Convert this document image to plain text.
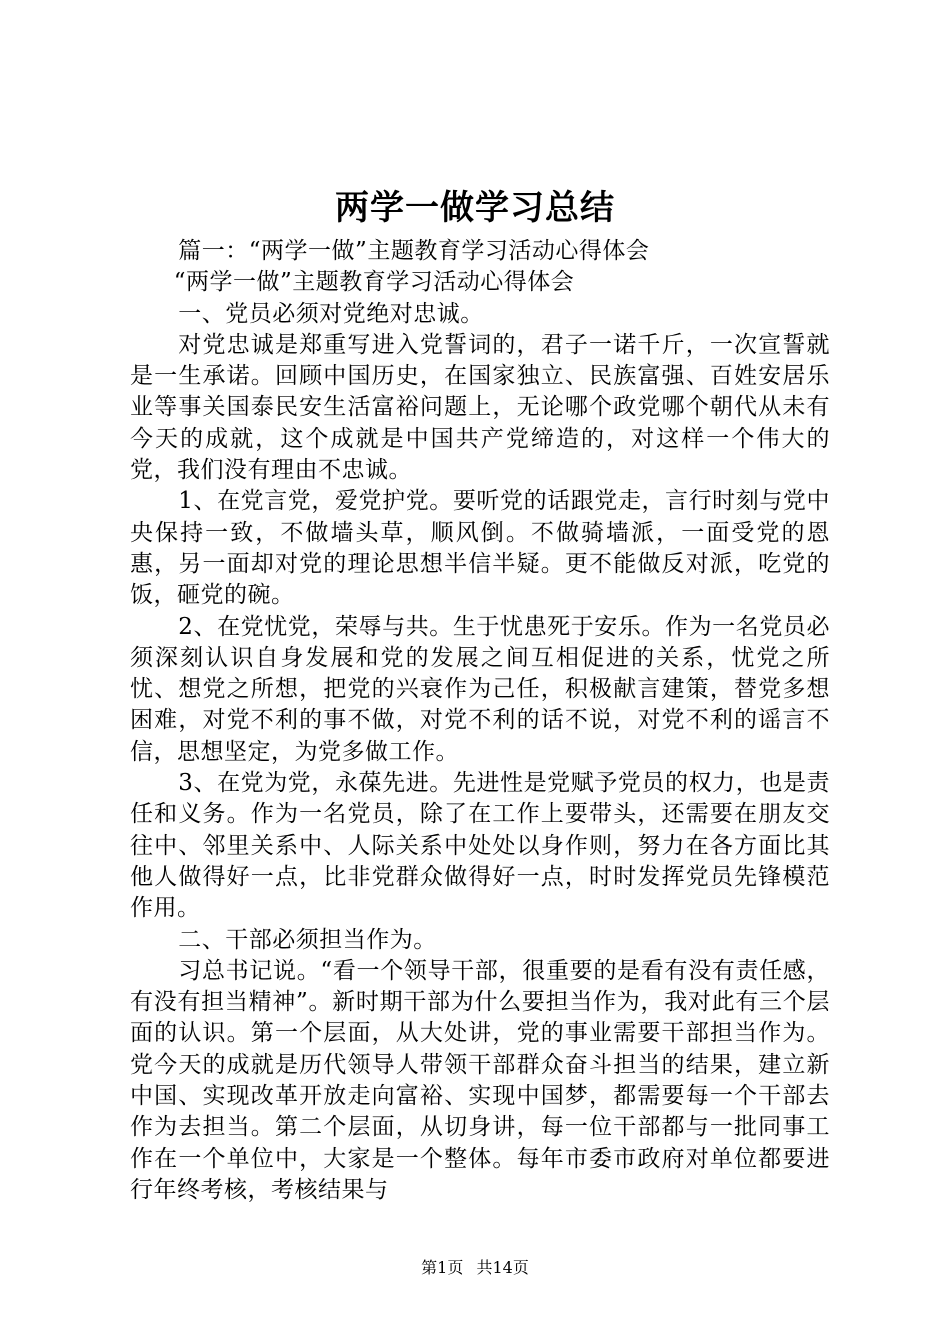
两学一做学习总结

篇一：“两学一做”主题教育学习活动心得体会

“两学一做”主题教育学习活动心得体会

一、党员必须对党绝对忠诚。

对党忠诚是郑重写进入党誓词的，君子一诺千斤，一次宣誓就是一生承诺。回顾中国历史，在国家独立、民族富强、百姓安居乐业等事关国泰民安生活富裕问题上，无论哪个政党哪个朝代从未有今天的成就，这个成就是中国共产党缔造的，对这样一个伟大的党，我们没有理由不忠诚。

1、在党言党，爱党护党。要听党的话跟党走，言行时刻与党中央保持一致，不做墙头草，顺风倒。不做骑墙派，一面受党的恩惠，另一面却对党的理论思想半信半疑。更不能做反对派，吃党的饭，砸党的碗。

2、在党忧党，荣辱与共。生于忧患死于安乐。作为一名党员必须深刻认识自身发展和党的发展之间互相促进的关系，忧党之所忧、想党之所想，把党的兴衰作为己任，积极献言建策，替党多想困难，对党不利的事不做，对党不利的话不说，对党不利的谣言不信，思想坚定，为党多做工作。

3、在党为党，永葆先进。先进性是党赋予党员的权力，也是责任和义务。作为一名党员，除了在工作上要带头，还需要在朋友交往中、邻里关系中、人际关系中处处以身作则，努力在各方面比其他人做得好一点，比非党群众做得好一点，时时发挥党员先锋模范作用。

二、干部必须担当作为。

习总书记说。“看一个领导干部，很重要的是看有没有责任感，有没有担当精神”。新时期干部为什么要担当作为，我对此有三个层面的认识。第一个层面，从大处讲，党的事业需要干部担当作为。党今天的成就是历代领导人带领干部群众奋斗担当的结果，建立新中国、实现改革开放走向富裕、实现中国梦，都需要每一个干部去作为去担当。第二个层面，从切身讲，每一位干部都与一批同事工作在一个单位中，大家是一个整体。每年市委市政府对单位都要进行年终考核，考核结果与

第1页 共14页
